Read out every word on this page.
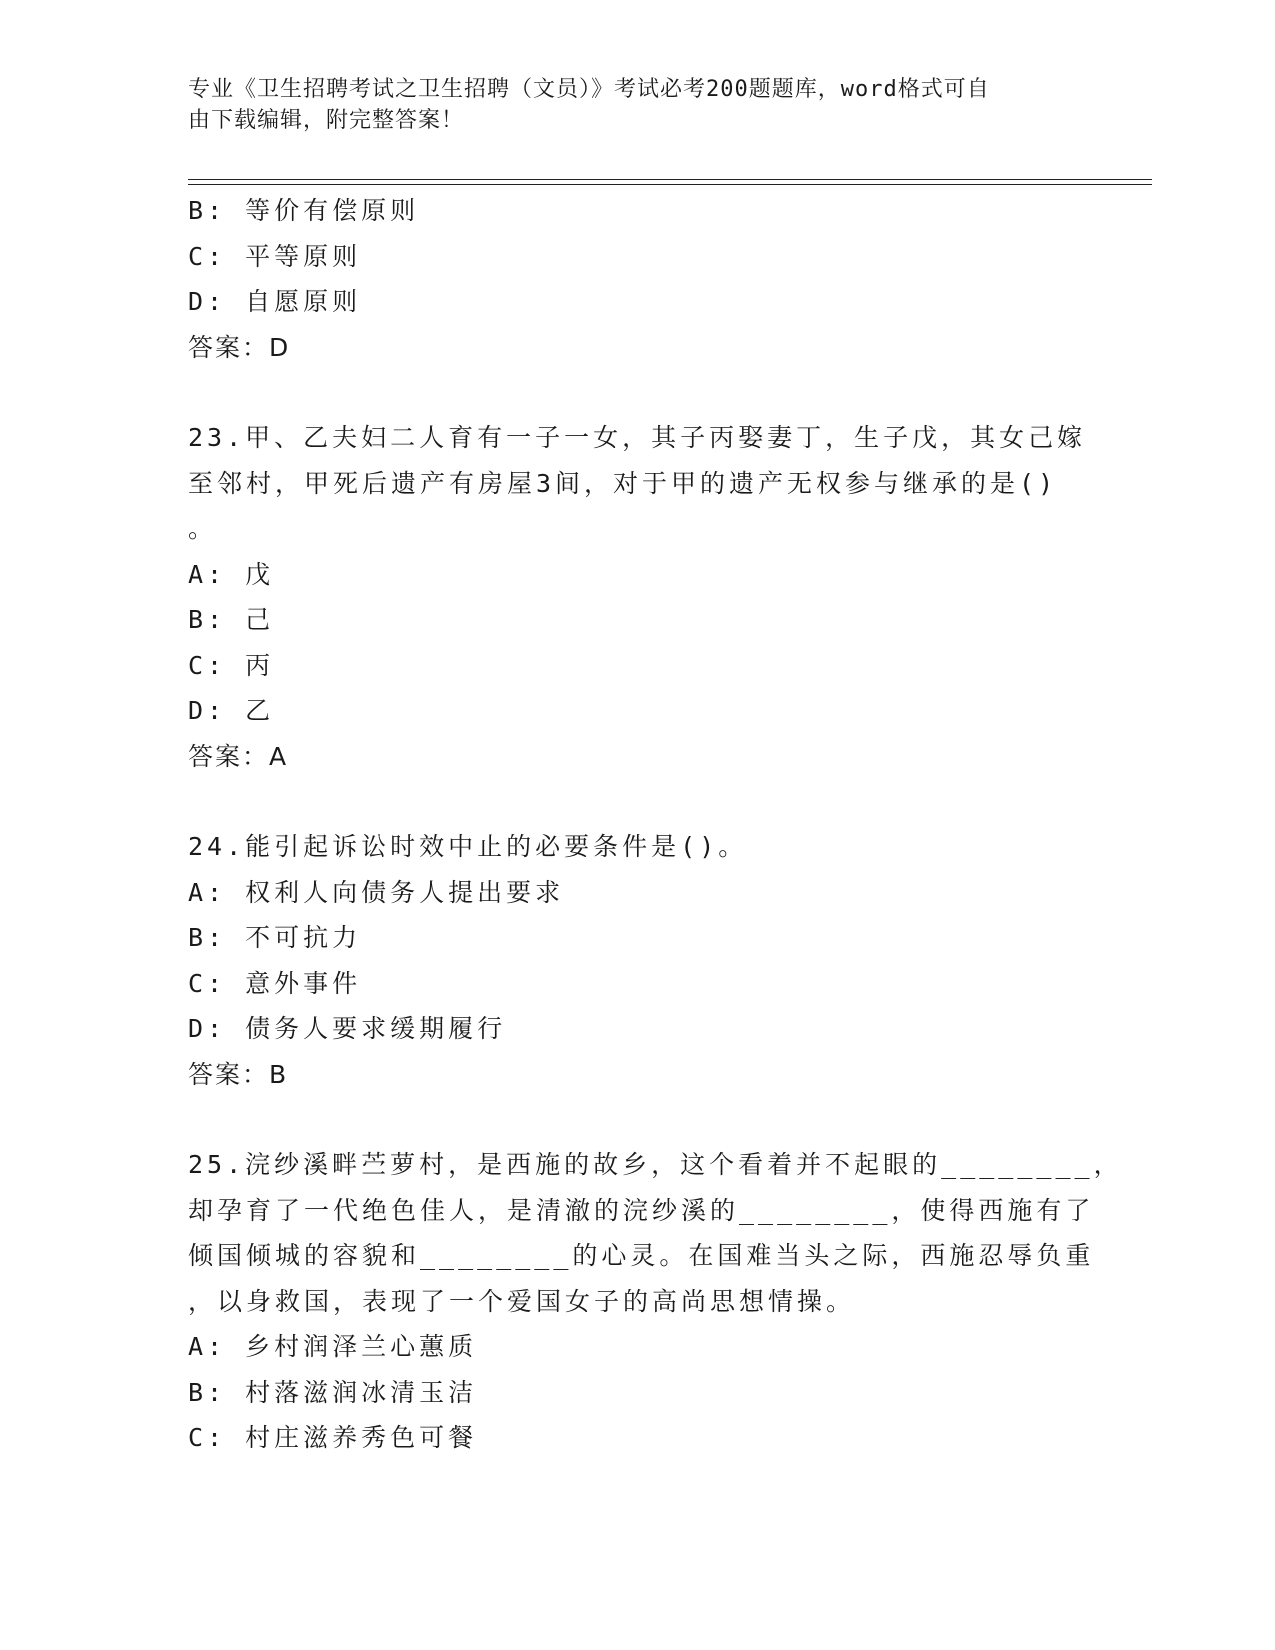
专业《卫生招聘考试之卫生招聘（文员）》考试必考200题题库，word格式可自
由下载编辑，附完整答案！
B: 等价有偿原则
C: 平等原则
D: 自愿原则
答案：D
23.甲、乙夫妇二人育有一子一女，其子丙娶妻丁，生子戊，其女己嫁
至邻村，甲死后遗产有房屋3间，对于甲的遗产无权参与继承的是()
。
A: 戊
B: 己
C: 丙
D: 乙
答案：A
24.能引起诉讼时效中止的必要条件是()。
A: 权利人向债务人提出要求
B: 不可抗力
C: 意外事件
D: 债务人要求缓期履行
答案：B
25.浣纱溪畔苎萝村，是西施的故乡，这个看着并不起眼的________，
却孕育了一代绝色佳人，是清澈的浣纱溪的________，使得西施有了
倾国倾城的容貌和________的心灵。在国难当头之际，西施忍辱负重
，以身救国，表现了一个爱国女子的高尚思想情操。
A: 乡村润泽兰心蕙质
B: 村落滋润冰清玉洁
C: 村庄滋养秀色可餐
